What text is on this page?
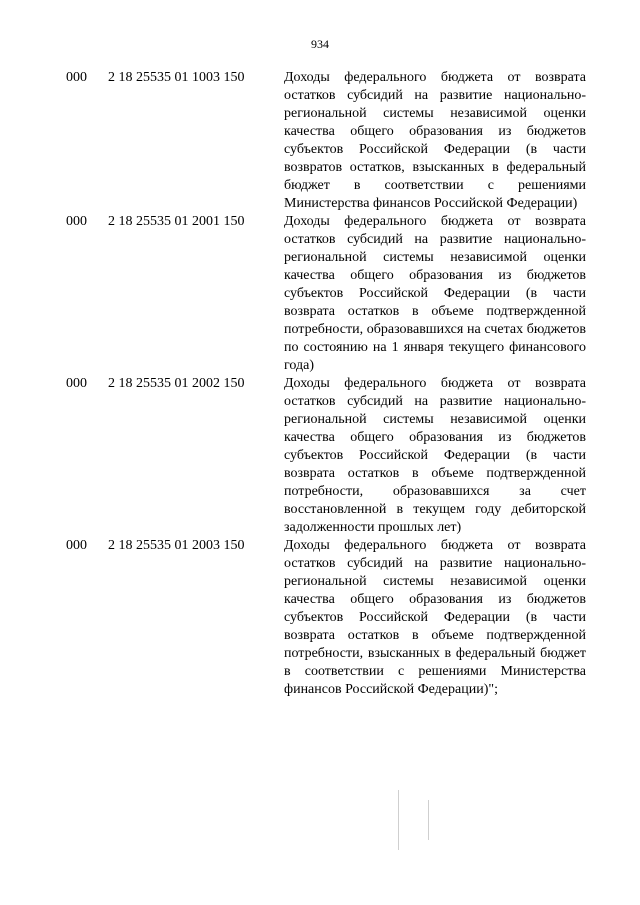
934
000 2 18 25535 01 1003 150	Доходы федерального бюджета от возврата остатков субсидий на развитие национально-региональной системы независимой оценки качества общего образования из бюджетов субъектов Российской Федерации (в части возвратов остатков, взысканных в федеральный бюджет в соответствии с решениями Министерства финансов Российской Федерации)
000 2 18 25535 01 2001 150	Доходы федерального бюджета от возврата остатков субсидий на развитие национально-региональной системы независимой оценки качества общего образования из бюджетов субъектов Российской Федерации (в части возврата остатков в объеме подтвержденной потребности, образовавшихся на счетах бюджетов по состоянию на 1 января текущего финансового года)
000 2 18 25535 01 2002 150	Доходы федерального бюджета от возврата остатков субсидий на развитие национально-региональной системы независимой оценки качества общего образования из бюджетов субъектов Российской Федерации (в части возврата остатков в объеме подтвержденной потребности, образовавшихся за счет восстановленной в текущем году дебиторской задолженности прошлых лет)
000 2 18 25535 01 2003 150	Доходы федерального бюджета от возврата остатков субсидий на развитие национально-региональной системы независимой оценки качества общего образования из бюджетов субъектов Российской Федерации (в части возврата остатков в объеме подтвержденной потребности, взысканных в федеральный бюджет в соответствии с решениями Министерства финансов Российской Федерации)";
